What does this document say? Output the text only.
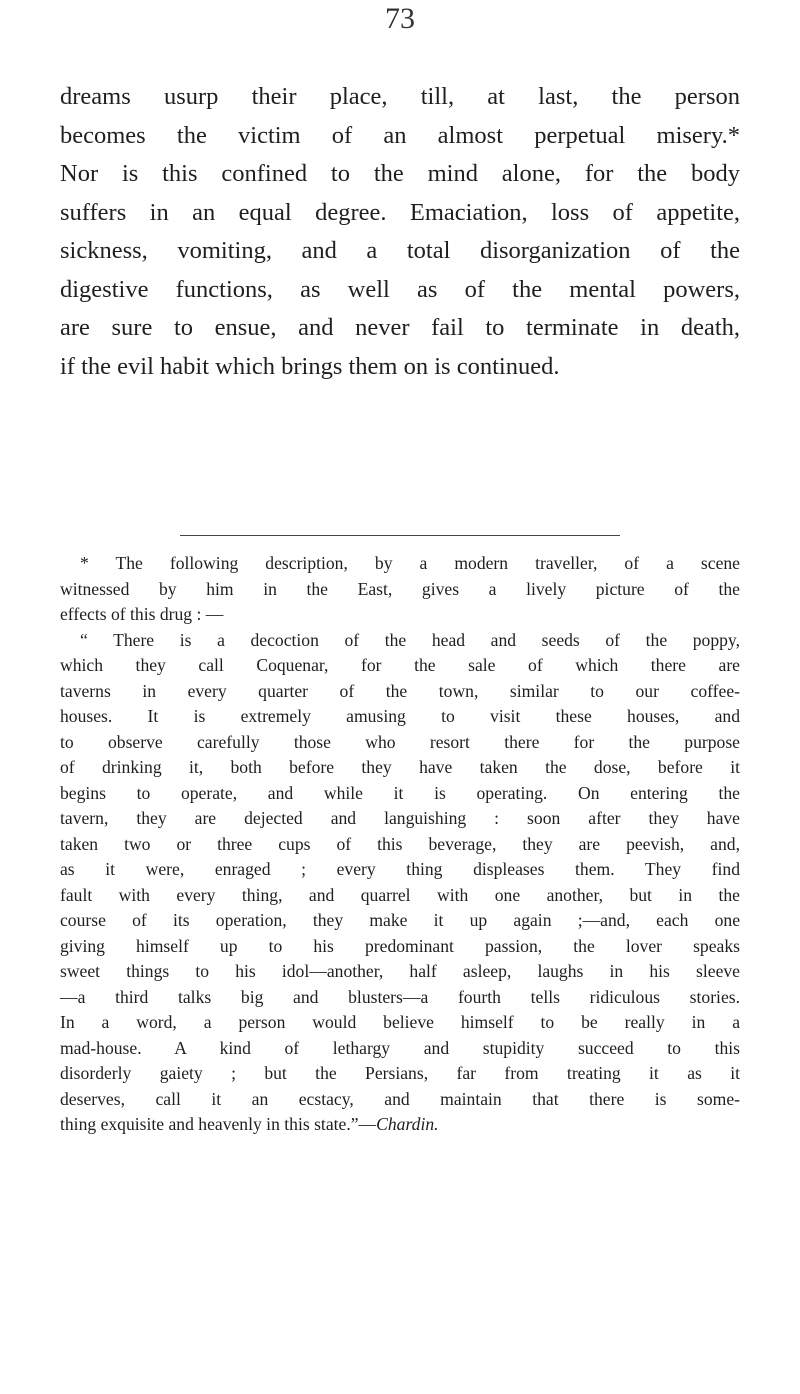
73
dreams usurp their place, till, at last, the person
becomes the victim of an almost perpetual misery.*
Nor is this confined to the mind alone, for the body
suffers in an equal degree. Emaciation, loss of appetite,
sickness, vomiting, and a total disorganization of the
digestive functions, as well as of the mental powers,
are sure to ensue, and never fail to terminate in death,
if the evil habit which brings them on is continued.
* The following description, by a modern traveller, of a scene
witnessed by him in the East, gives a lively picture of the
effects of this drug : —
“ There is a decoction of the head and seeds of the poppy,
which they call Coquenar, for the sale of which there are
taverns in every quarter of the town, similar to our coffee-
houses. It is extremely amusing to visit these houses, and
to observe carefully those who resort there for the purpose
of drinking it, both before they have taken the dose, before it
begins to operate, and while it is operating. On entering the
tavern, they are dejected and languishing : soon after they have
taken two or three cups of this beverage, they are peevish, and,
as it were, enraged ; every thing displeases them. They find
fault with every thing, and quarrel with one another, but in the
course of its operation, they make it up again ;—and, each one
giving himself up to his predominant passion, the lover speaks
sweet things to his idol—another, half asleep, laughs in his sleeve
—a third talks big and blusters—a fourth tells ridiculous stories.
In a word, a person would believe himself to be really in a
mad-house. A kind of lethargy and stupidity succeed to this
disorderly gaiety ; but the Persians, far from treating it as it
deserves, call it an ecstacy, and maintain that there is some-
thing exquisite and heavenly in this state.”—Chardin.
